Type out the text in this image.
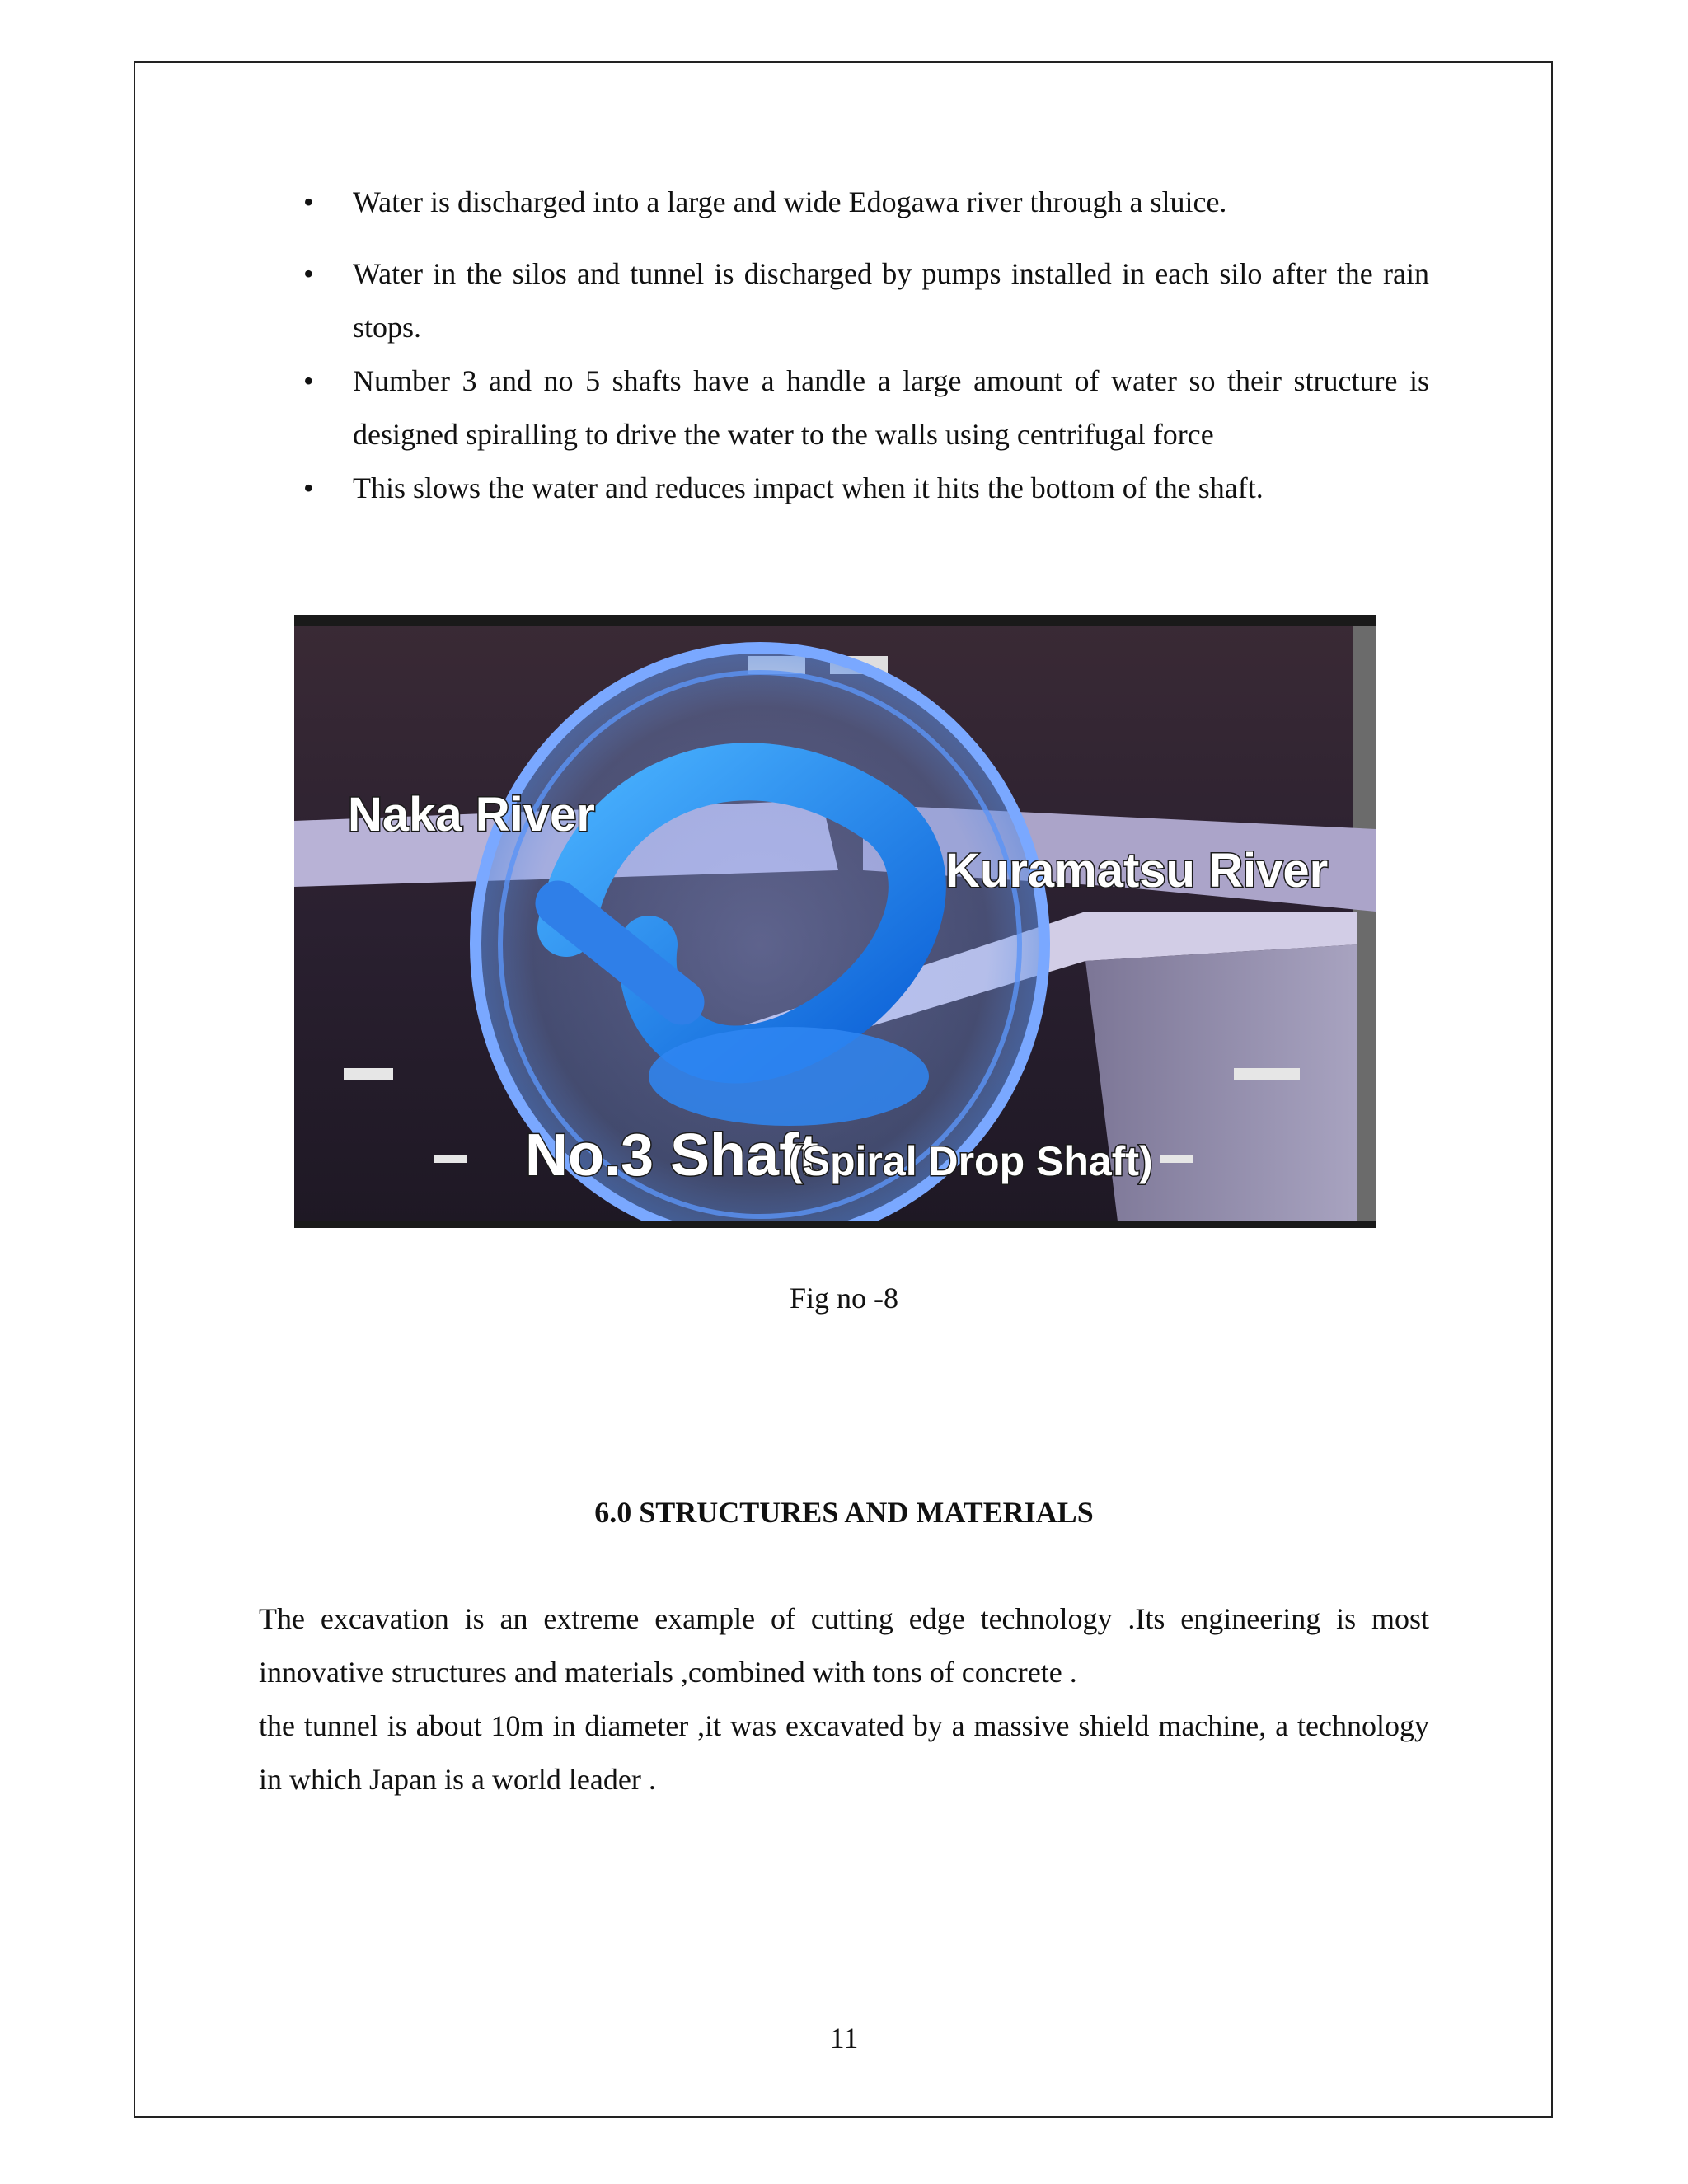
• Water is discharged into a large and wide Edogawa river through a sluice.
• Water in the silos and tunnel is discharged by pumps installed in each silo after the rain stops.
• Number 3 and no 5 shafts have a handle a large amount of water so their structure is designed spiralling to drive the water to the walls using centrifugal force
• This slows the water and reduces impact when it hits the bottom of the shaft.
Naka River
Kuramatsu River
No.3 Shaft
(Spiral Drop Shaft)
Fig no -8
6.0 STRUCTURES AND MATERIALS

The excavation is an extreme example of cutting edge technology .Its engineering is most innovative structures and materials ,combined with tons of concrete .

the tunnel is about 10m in diameter ,it was excavated by a massive shield machine, a technology in which Japan is a world leader .

11
